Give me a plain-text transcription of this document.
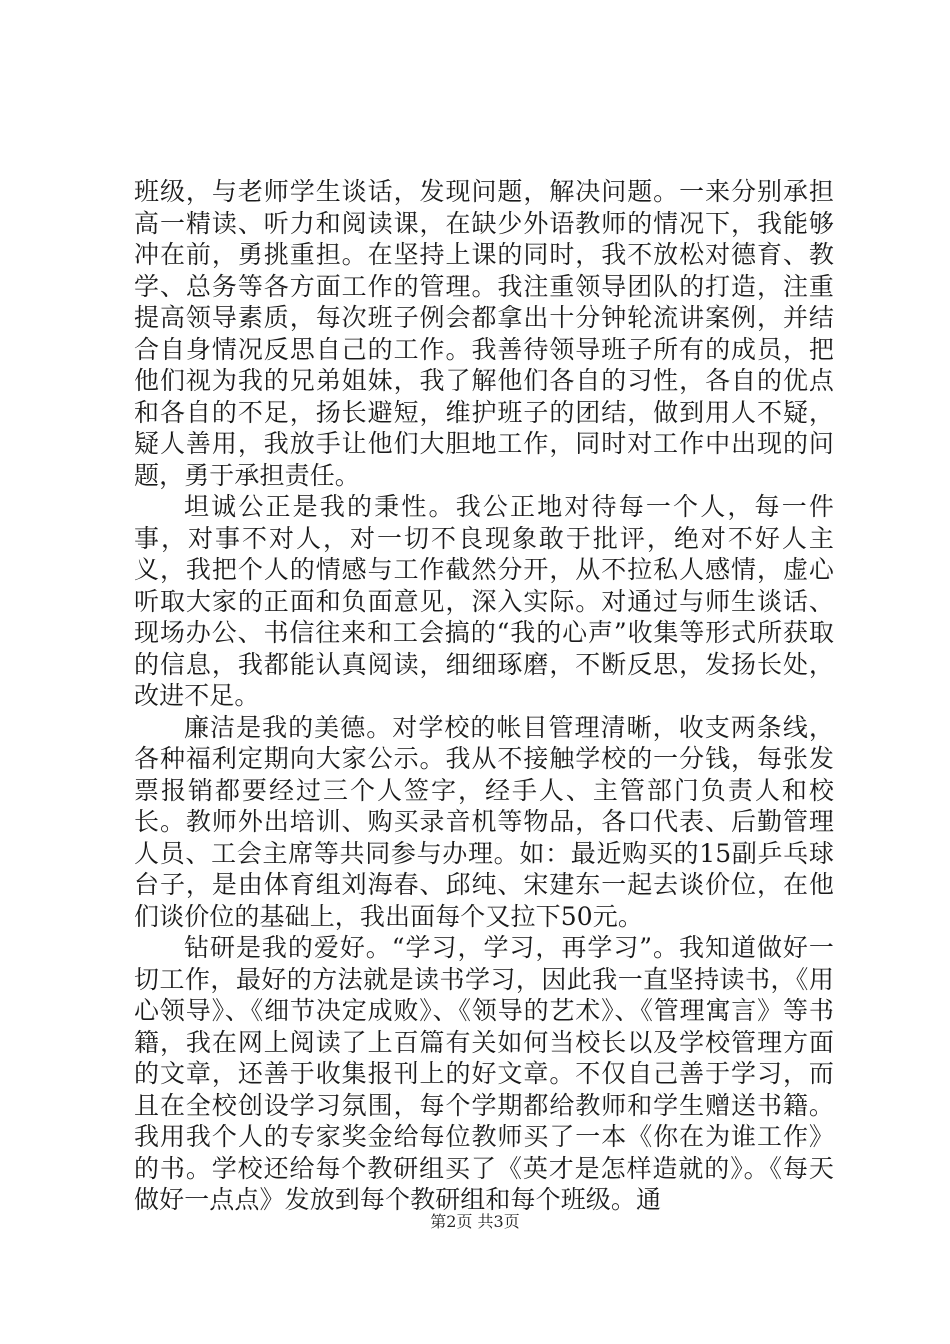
班级，与老师学生谈话，发现问题，解决问题。一来分别承担高一精读、听力和阅读课，在缺少外语教师的情况下，我能够冲在前，勇挑重担。在坚持上课的同时，我不放松对德育、教学、总务等各方面工作的管理。我注重领导团队的打造，注重提高领导素质，每次班子例会都拿出十分钟轮流讲案例，并结合自身情况反思自己的工作。我善待领导班子所有的成员，把他们视为我的兄弟姐妹，我了解他们各自的习性，各自的优点和各自的不足，扬长避短，维护班子的团结，做到用人不疑，疑人善用，我放手让他们大胆地工作，同时对工作中出现的问题，勇于承担责任。

坦诚公正是我的秉性。我公正地对待每一个人，每一件事，对事不对人，对一切不良现象敢于批评，绝对不好人主义，我把个人的情感与工作截然分开，从不拉私人感情，虚心听取大家的正面和负面意见，深入实际。对通过与师生谈话、现场办公、书信往来和工会搞的“我的心声”收集等形式所获取的信息，我都能认真阅读，细细琢磨，不断反思，发扬长处，改进不足。

廉洁是我的美德。对学校的帐目管理清晰，收支两条线，各种福利定期向大家公示。我从不接触学校的一分钱，每张发票报销都要经过三个人签字，经手人、主管部门负责人和校长。教师外出培训、购买录音机等物品，各口代表、后勤管理人员、工会主席等共同参与办理。如：最近购买的15副乒乓球台子，是由体育组刘海春、邱纯、宋建东一起去谈价位，在他们谈价位的基础上，我出面每个又拉下50元。

钻研是我的爱好。“学习，学习，再学习”。我知道做好一切工作，最好的方法就是读书学习，因此我一直坚持读书，《用心领导》、《细节决定成败》、《领导的艺术》、《管理寓言》等书籍，我在网上阅读了上百篇有关如何当校长以及学校管理方面的文章，还善于收集报刊上的好文章。不仅自己善于学习，而且在全校创设学习氛围，每个学期都给教师和学生赠送书籍。我用我个人的专家奖金给每位教师买了一本《你在为谁工作》的书。学校还给每个教研组买了《英才是怎样造就的》。《每天做好一点点》发放到每个教研组和每个班级。通

第2页 共3页
